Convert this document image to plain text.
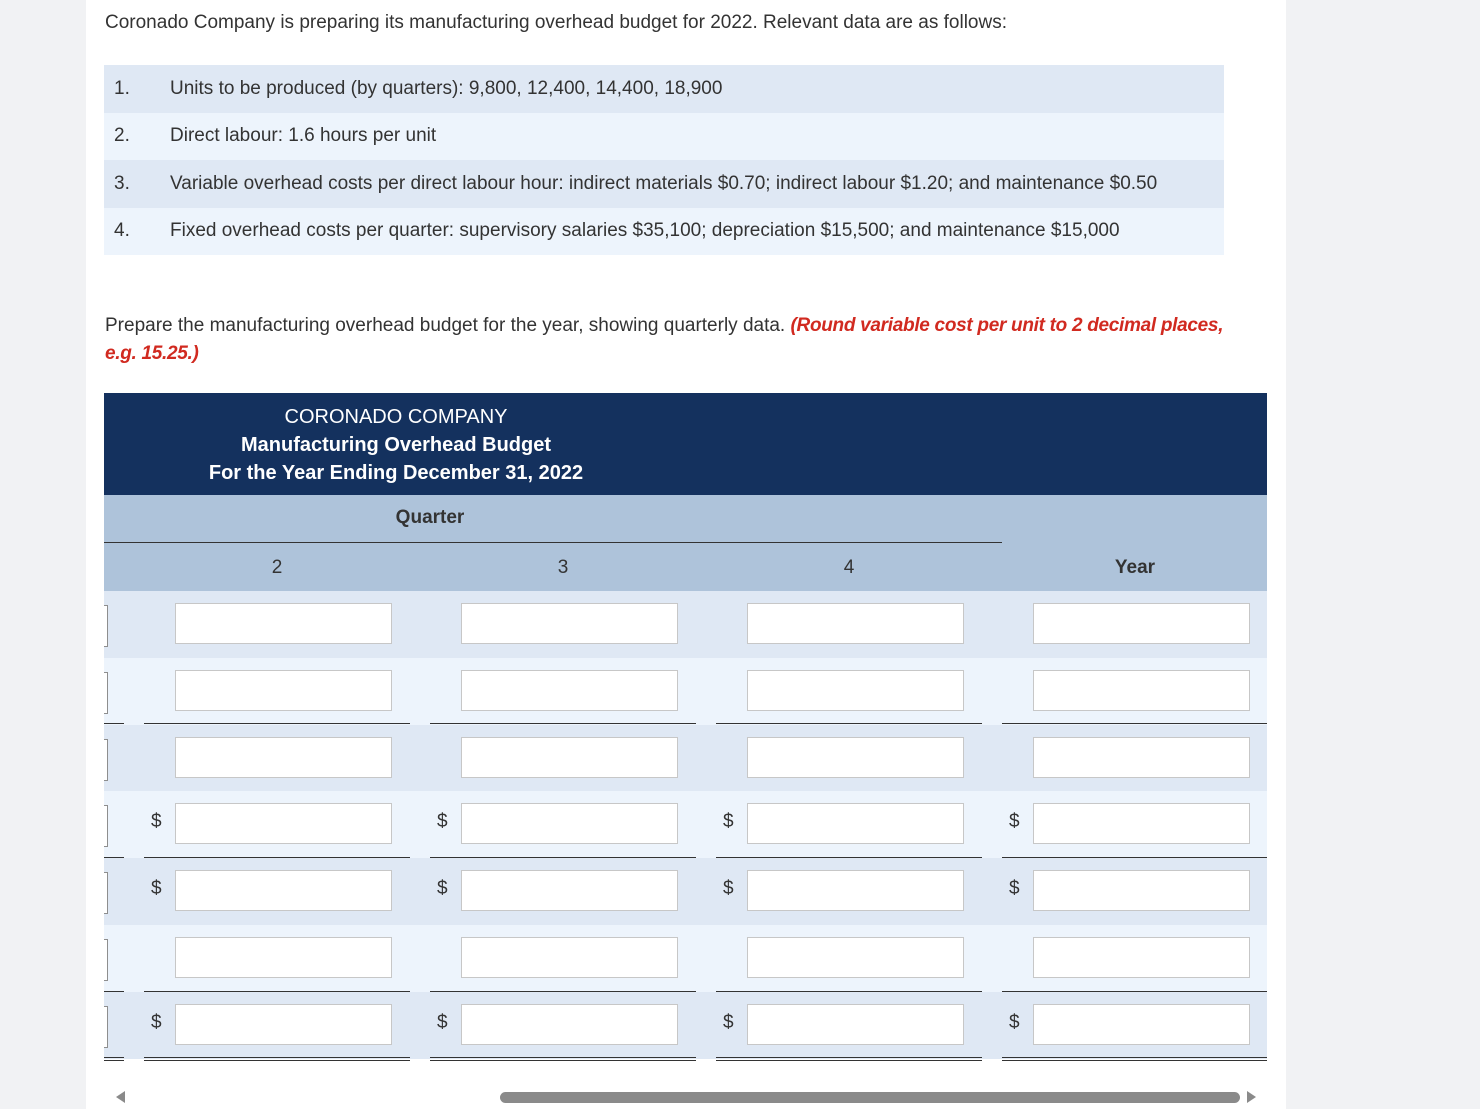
Coronado Company is preparing its manufacturing overhead budget for 2022. Relevant data are as follows:
1.	Units to be produced (by quarters): 9,800, 12,400, 14,400, 18,900
2.	Direct labour: 1.6 hours per unit
3.	Variable overhead costs per direct labour hour: indirect materials $0.70; indirect labour $1.20; and maintenance $0.50
4.	Fixed overhead costs per quarter: supervisory salaries $35,100; depreciation $15,500; and maintenance $15,000
Prepare the manufacturing overhead budget for the year, showing quarterly data. (Round variable cost per unit to 2 decimal places, e.g. 15.25.)
CORONADO COMPANY
Manufacturing Overhead Budget
For the Year Ending December 31, 2022
Quarter
2	3	4	Year
$	$	$	$
$	$	$	$
$	$	$	$
